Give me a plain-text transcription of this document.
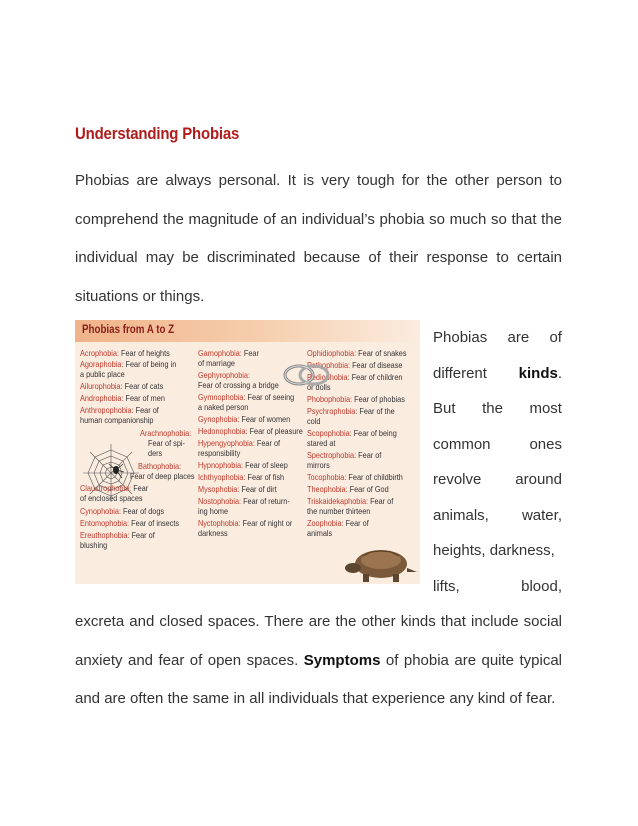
Understanding Phobias

Phobias are always personal. It is very tough for the other person to comprehend the magnitude of an individual’s phobia so much so that the individual may be discriminated because of their response to certain situations or things.

Phobias from A to Z
Acrophobia: Fear of heights
Agoraphobia: Fear of being in
a public place
Ailurophobia: Fear of cats
Androphobia: Fear of men
Anthropophobia: Fear of
human companionship
Arachnophobia:
Fear of spi-
ders
Bathophobia:
Fear of deep places
Claustrophobia: Fear
of enclosed spaces
Cynophobia: Fear of dogs
Entomophobia: Fear of insects
Ereuthophobia: Fear of
blushing
Gamophobia: Fear
of marriage
Gephyrophobia:
Fear of crossing a bridge
Gymnophobia: Fear of seeing
a naked person
Gynophobia: Fear of women
Hedonophobia: Fear of pleasure
Hypengyophobia: Fear of
responsibility
Hypnophobia: Fear of sleep
Ichthyophobia: Fear of fish
Mysophobia: Fear of dirt
Nostophobia: Fear of return-
ing home
Nyctophobia: Fear of night or
darkness
Ophidiophobia: Fear of snakes
Pathophobia: Fear of disease
Pediophobia: Fear of children
or dolls
Phobophobia: Fear of phobias
Psychrophobia: Fear of the
cold
Scopophobia: Fear of being
stared at
Spectrophobia: Fear of
mirrors
Tocophobia: Fear of childbirth
Theophobia: Fear of God
Triskaidekaphobia: Fear of
the number thirteen
Zoophobia: Fear of
animals
Phobias are of
different kinds.
But the most
common	ones
revolve around
animals, water,
heights, darkness,
lifts,	blood,

excreta and closed spaces. There are the other kinds that include social anxiety and fear of open spaces. Symptoms of phobia are quite typical and are often the same in all individuals that experience any kind of fear.
